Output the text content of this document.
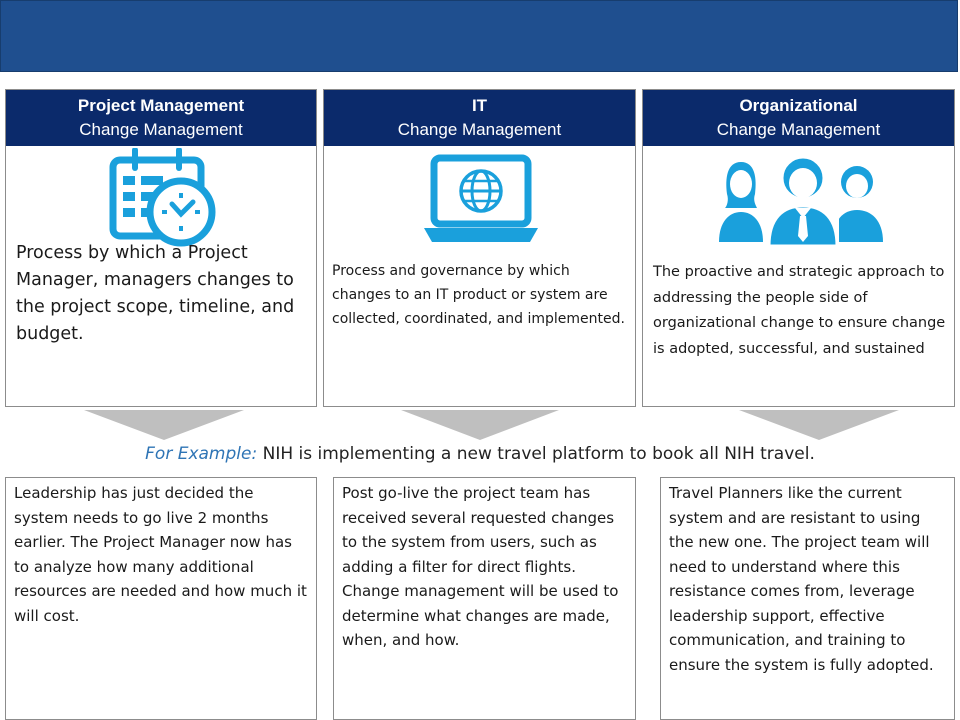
Project Management
Change Management
Process by which a Project Manager, managers changes to the project scope, timeline, and budget.
IT
Change Management
Process and governance by which changes to an IT product or system are collected, coordinated, and implemented.
Organizational
Change Management
The proactive and strategic approach to addressing the people side of organizational change to ensure change is adopted, successful, and sustained
For Example: NIH is implementing a new travel platform to book all NIH travel.
Leadership has just decided the system needs to go live 2 months earlier. The Project Manager now has to analyze how many additional resources are needed and how much it will cost.
Post go-live the project team has received several requested changes to the system from users, such as adding a filter for direct flights. Change management will be used to determine what changes are made, when, and how.
Travel Planners like the current system and are resistant to using the new one. The project team will need to understand where this resistance comes from, leverage leadership support, effective communication, and training to ensure the system is fully adopted.
